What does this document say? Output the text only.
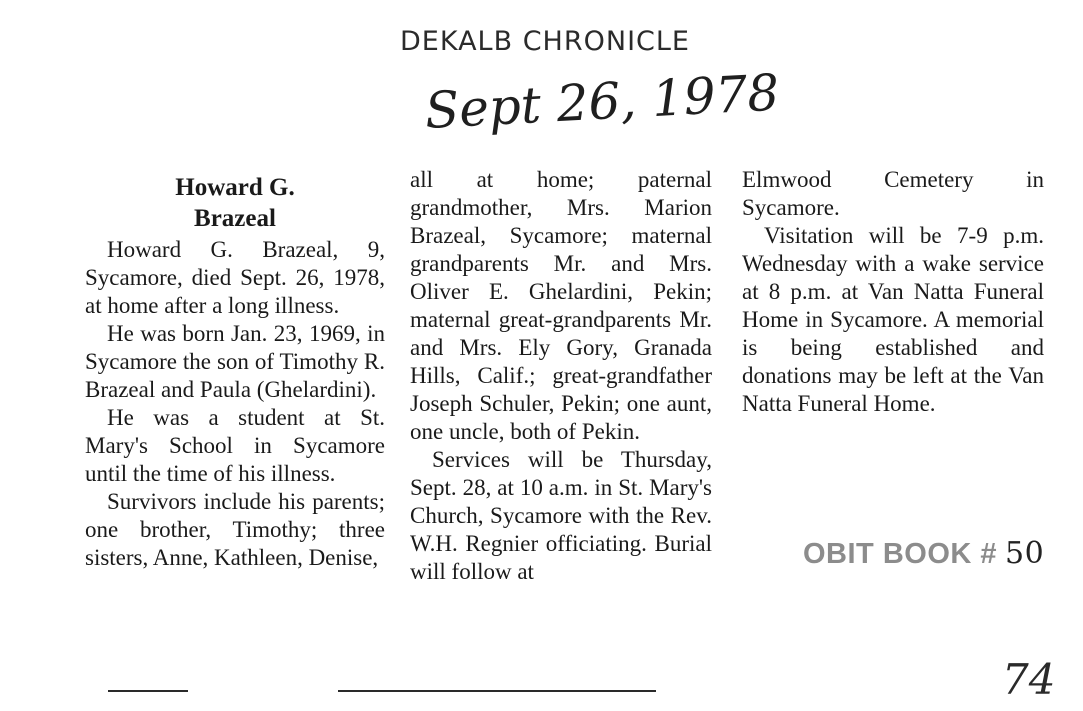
DEKALB CHRONICLE
Sept 26, 1978
Howard G.
Brazeal

Howard G. Brazeal, 9, Sycamore, died Sept. 26, 1978, at home after a long illness.

He was born Jan. 23, 1969, in Sycamore the son of Timothy R. Brazeal and Paula (Ghelardini).

He was a student at St. Mary's School in Sycamore until the time of his illness.

Survivors include his parents; one brother, Timothy; three sisters, Anne, Kathleen, Denise,

all at home; paternal grandmother, Mrs. Marion Brazeal, Sycamore; maternal grandparents Mr. and Mrs. Oliver E. Ghelardini, Pekin; maternal great-grandparents Mr. and Mrs. Ely Gory, Granada Hills, Calif.; great-grandfather Joseph Schuler, Pekin; one aunt, one uncle, both of Pekin.

Services will be Thursday, Sept. 28, at 10 a.m. in St. Mary's Church, Sycamore with the Rev. W.H. Regnier officiating. Burial will follow at

Elmwood Cemetery in Sycamore.

Visitation will be 7-9 p.m. Wednesday with a wake service at 8 p.m. at Van Natta Funeral Home in Sycamore. A memorial is being established and donations may be left at the Van Natta Funeral Home.

OBIT BOOK # 50
74
